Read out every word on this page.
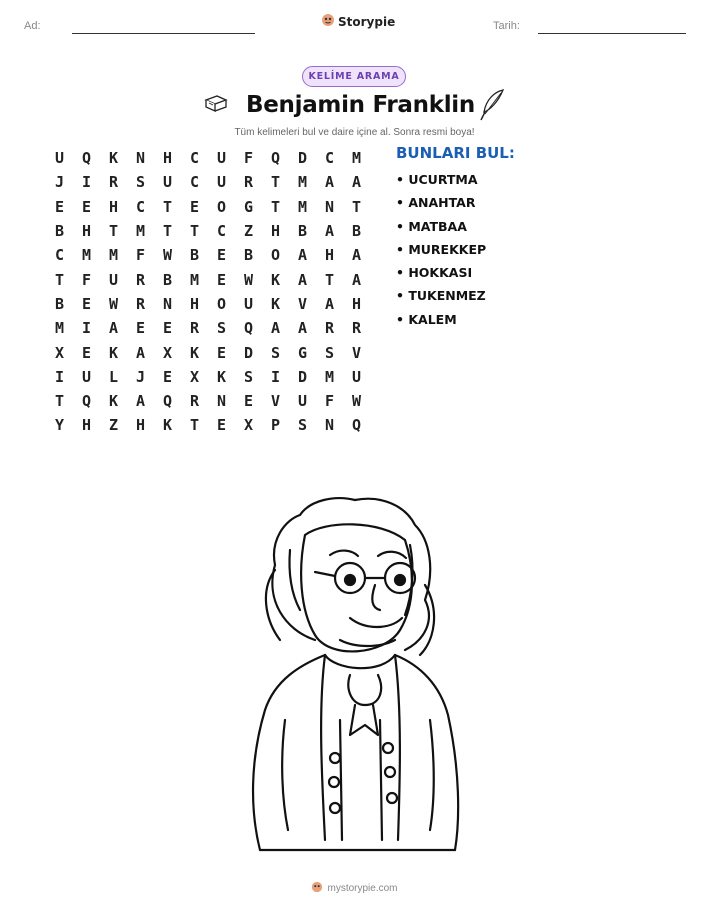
Ad:	Storypie	Tarih:
KELİME ARAMA
Benjamin Franklin
Tüm kelimeleri bul ve daire içine al. Sonra resmi boya!
U	Q	K	N	H	C	U	F	Q	D	C	M
J	I	R	S	U	C	U	R	T	M	A	A
E	E	H	C	T	E	O	G	T	M	N	T
B	H	T	M	T	T	C	Z	H	B	A	B
C	M	M	F	W	B	E	B	O	A	H	A
T	F	U	R	B	M	E	W	K	A	T	A
B	E	W	R	N	H	O	U	K	V	A	H
M	I	A	E	E	R	S	Q	A	A	R	R
X	E	K	A	X	K	E	D	S	G	S	V
I	U	L	J	E	X	K	S	I	D	M	U
T	Q	K	A	Q	R	N	E	V	U	F	W
Y	H	Z	H	K	T	E	X	P	S	N	Q
BUNLARI BUL:
• UCURTMA
• ANAHTAR
• MATBAA
• MUREKKEP
• HOKKASI
• TUKENMEZ
• KALEM
mystorypie.com
